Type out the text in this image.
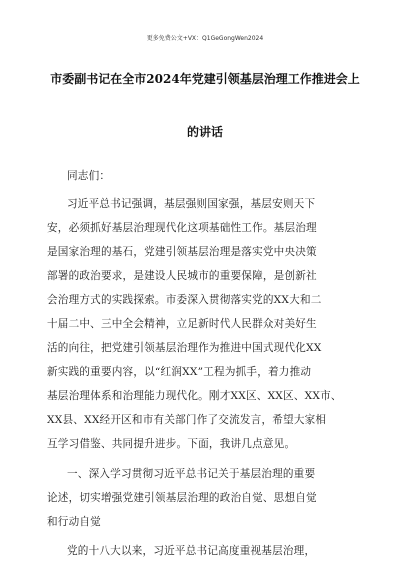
更多免费公文+VX：Q1GeGongWen2024
市委副书记在全市2024年党建引领基层治理工作推进会上
的讲话
同志们：
习近平总书记强调，基层强则国家强，基层安则天下
安，必须抓好基层治理现代化这项基础性工作。基层治理
是国家治理的基石，党建引领基层治理是落实党中央决策
部署的政治要求，是建设人民城市的重要保障，是创新社
会治理方式的实践探索。市委深入贯彻落实党的XX大和二
十届二中、三中全会精神，立足新时代人民群众对美好生
活的向往，把党建引领基层治理作为推进中国式现代化XX
新实践的重要内容，以“红润XX”工程为抓手，着力推动
基层治理体系和治理能力现代化。刚才XX区、XX区、XX市、
XX县、XX经开区和市有关部门作了交流发言，希望大家相
互学习借鉴、共同提升进步。下面，我讲几点意见。
一、深入学习贯彻习近平总书记关于基层治理的重要
论述，切实增强党建引领基层治理的政治自觉、思想自觉
和行动自觉
党的十八大以来，习近平总书记高度重视基层治理，
